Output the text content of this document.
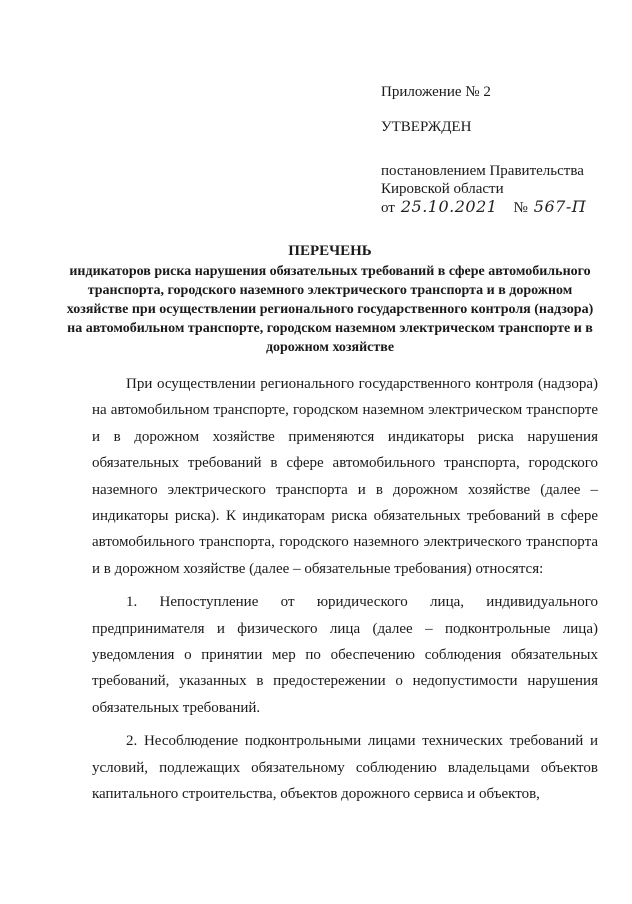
Приложение № 2

УТВЕРЖДЕН

постановлением Правительства
Кировской области
от 25.10.2021 № 567-П

ПЕРЕЧЕНЬ

индикаторов риска нарушения обязательных требований в сфере автомобильного транспорта, городского наземного электрического транспорта и в дорожном хозяйстве при осуществлении регионального государственного контроля (надзора) на автомобильном транспорте, городском наземном электрическом транспорте и в дорожном хозяйстве

При осуществлении регионального государственного контроля (надзора) на автомобильном транспорте, городском наземном электрическом транспорте и в дорожном хозяйстве применяются индикаторы риска нарушения обязательных требований в сфере автомобильного транспорта, городского наземного электрического транспорта и в дорожном хозяйстве (далее – индикаторы риска). К индикаторам риска обязательных требований в сфере автомобильного транспорта, городского наземного электрического транспорта и в дорожном хозяйстве (далее – обязательные требования) относятся:

1. Непоступление от юридического лица, индивидуального предпринимателя и физического лица (далее – подконтрольные лица) уведомления о принятии мер по обеспечению соблюдения обязательных требований, указанных в предостережении о недопустимости нарушения обязательных требований.

2. Несоблюдение подконтрольными лицами технических требований и условий, подлежащих обязательному соблюдению владельцами объектов капитального строительства, объектов дорожного сервиса и объектов,
